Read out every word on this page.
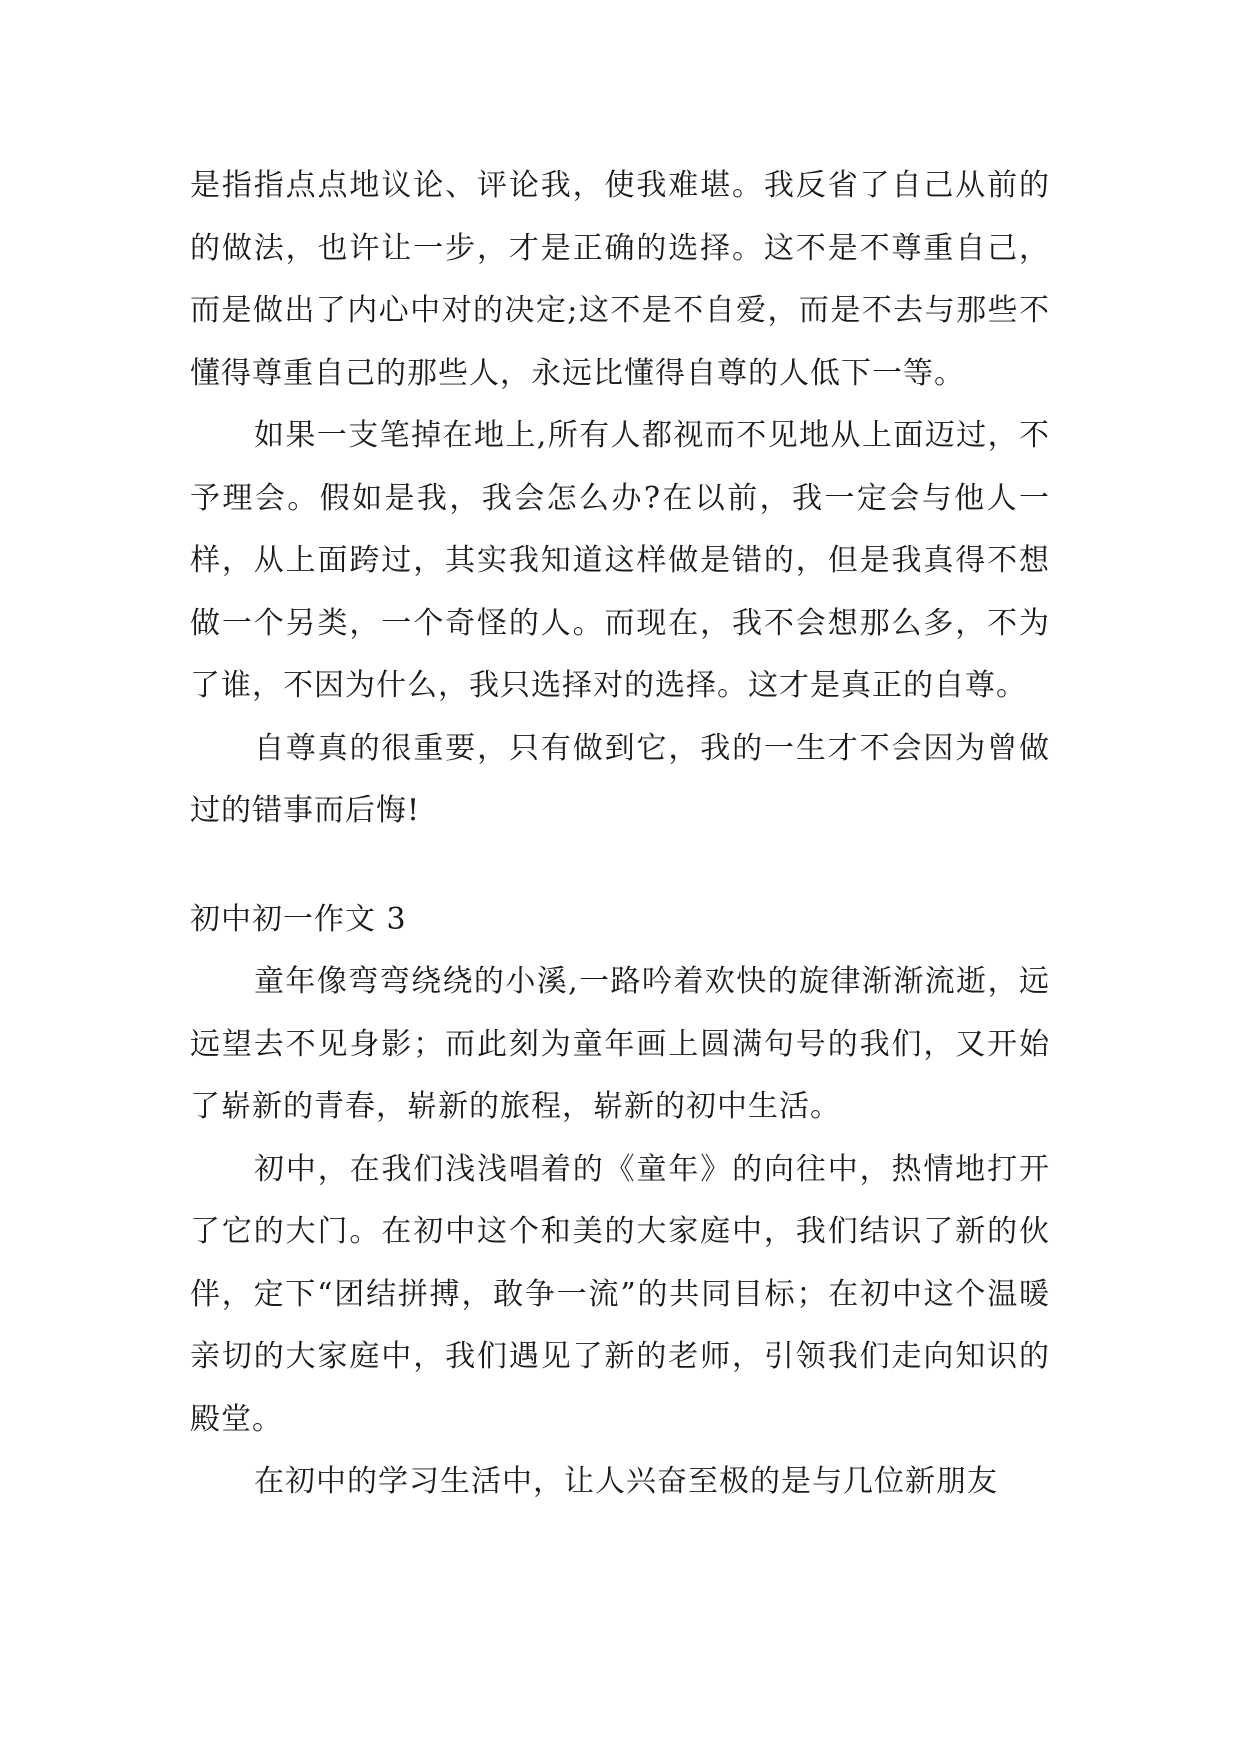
是指指点点地议论、评论我，使我难堪。我反省了自己从前的的做法，也许让一步，才是正确的选择。这不是不尊重自己，而是做出了内心中对的决定;这不是不自爱，而是不去与那些不懂得尊重自己的那些人，永远比懂得自尊的人低下一等。

如果一支笔掉在地上,所有人都视而不见地从上面迈过，不予理会。假如是我，我会怎么办?在以前，我一定会与他人一样，从上面跨过，其实我知道这样做是错的，但是我真得不想做一个另类，一个奇怪的人。而现在，我不会想那么多，不为了谁，不因为什么，我只选择对的选择。这才是真正的自尊。

自尊真的很重要，只有做到它，我的一生才不会因为曾做过的错事而后悔!

初中初一作文 3

童年像弯弯绕绕的小溪,一路吟着欢快的旋律渐渐流逝，远远望去不见身影；而此刻为童年画上圆满句号的我们，又开始了崭新的青春，崭新的旅程，崭新的初中生活。

初中，在我们浅浅唱着的《童年》的向往中，热情地打开了它的大门。在初中这个和美的大家庭中，我们结识了新的伙伴，定下“团结拼搏，敢争一流”的共同目标；在初中这个温暖亲切的大家庭中，我们遇见了新的老师，引领我们走向知识的殿堂。

在初中的学习生活中，让人兴奋至极的是与几位新朋友
